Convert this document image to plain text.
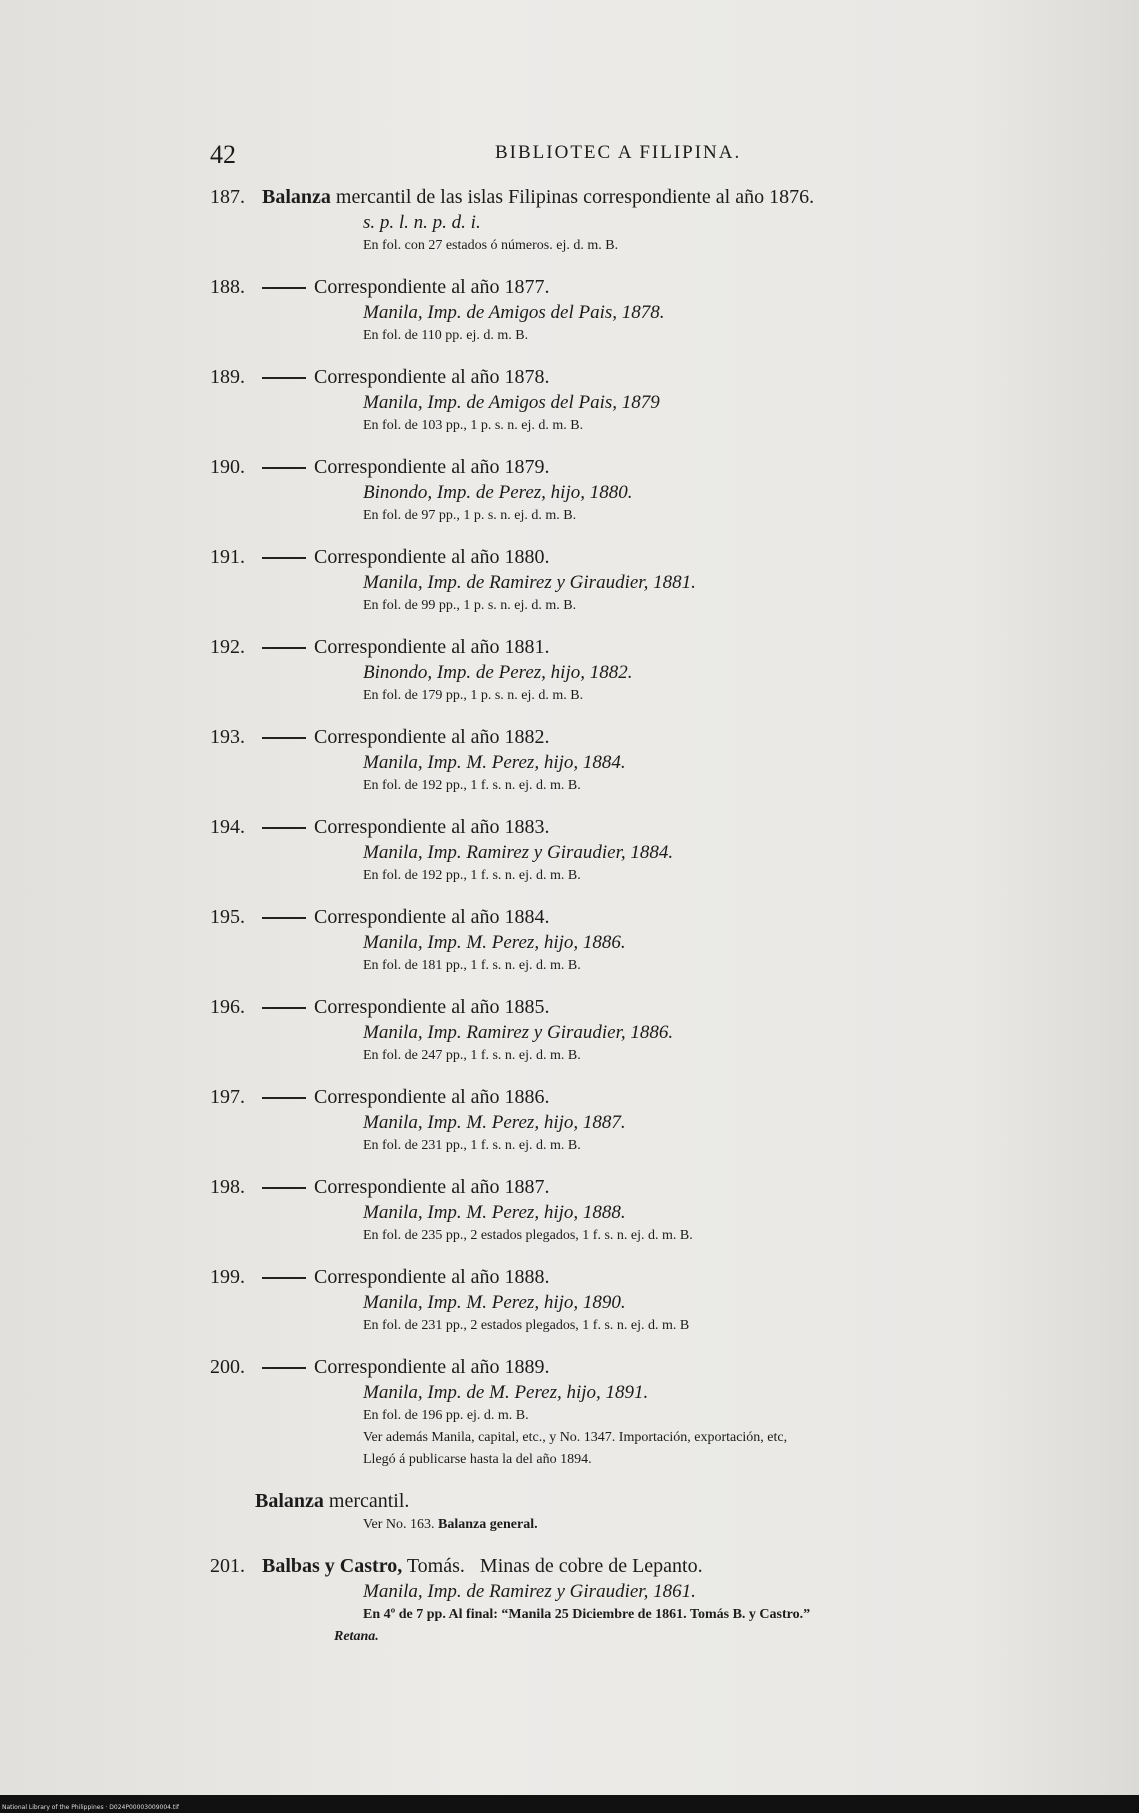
42	BIBLIOTEC A FILIPINA.
187. Balanza mercantil de las islas Filipinas correspondiente al año 1876.
s. p. l. n. p. d. i.
En fol. con 27 estados ó números. ej. d. m. B.
188.	Correspondiente al año 1877.
Manila, Imp. de Amigos del Pais, 1878.
En fol. de 110 pp. ej. d. m. B.
189.	Correspondiente al año 1878.
Manila, Imp. de Amigos del Pais, 1879
En fol. de 103 pp., 1 p. s. n. ej. d. m. B.
190.	Correspondiente al año 1879.
Binondo, Imp. de Perez, hijo, 1880.
En fol. de 97 pp., 1 p. s. n. ej. d. m. B.
191.	Correspondiente al año 1880.
Manila, Imp. de Ramirez y Giraudier, 1881.
En fol. de 99 pp., 1 p. s. n. ej. d. m. B.
192.	Correspondiente al año 1881.
Binondo, Imp. de Perez, hijo, 1882.
En fol. de 179 pp., 1 p. s. n. ej. d. m. B.
193.	Correspondiente al año 1882.
Manila, Imp. M. Perez, hijo, 1884.
En fol. de 192 pp., 1 f. s. n. ej. d. m. B.
194.	Correspondiente al año 1883.
Manila, Imp. Ramirez y Giraudier, 1884.
En fol. de 192 pp., 1 f. s. n. ej. d. m. B.
195.	Correspondiente al año 1884.
Manila, Imp. M. Perez, hijo, 1886.
En fol. de 181 pp., 1 f. s. n. ej. d. m. B.
196.	Correspondiente al año 1885.
Manila, Imp. Ramirez y Giraudier, 1886.
En fol. de 247 pp., 1 f. s. n. ej. d. m. B.
197.	Correspondiente al año 1886.
Manila, Imp. M. Perez, hijo, 1887.
En fol. de 231 pp., 1 f. s. n. ej. d. m. B.
198.	Correspondiente al año 1887.
Manila, Imp. M. Perez, hijo, 1888.
En fol. de 235 pp., 2 estados plegados, 1 f. s. n. ej. d. m. B.
199.	Correspondiente al año 1888.
Manila, Imp. M. Perez, hijo, 1890.
En fol. de 231 pp., 2 estados plegados, 1 f. s. n. ej. d. m. B
200.	Correspondiente al año 1889.
Manila, Imp. de M. Perez, hijo, 1891.
En fol. de 196 pp. ej. d. m. B.
Ver además Manila, capital, etc., y No. 1347. Importación, exportación, etc,
Llegó á publicarse hasta la del año 1894.
Balanza mercantil.
Ver No. 163. Balanza general.
201. Balbas y Castro, Tomás. Minas de cobre de Lepanto.
Manila, Imp. de Ramirez y Giraudier, 1861.
En 4º de 7 pp. Al final: “Manila 25 Diciembre de 1861. Tomás B. y Castro.”
Retana.
National Library of the Philippines · D024P00003009004.tif
